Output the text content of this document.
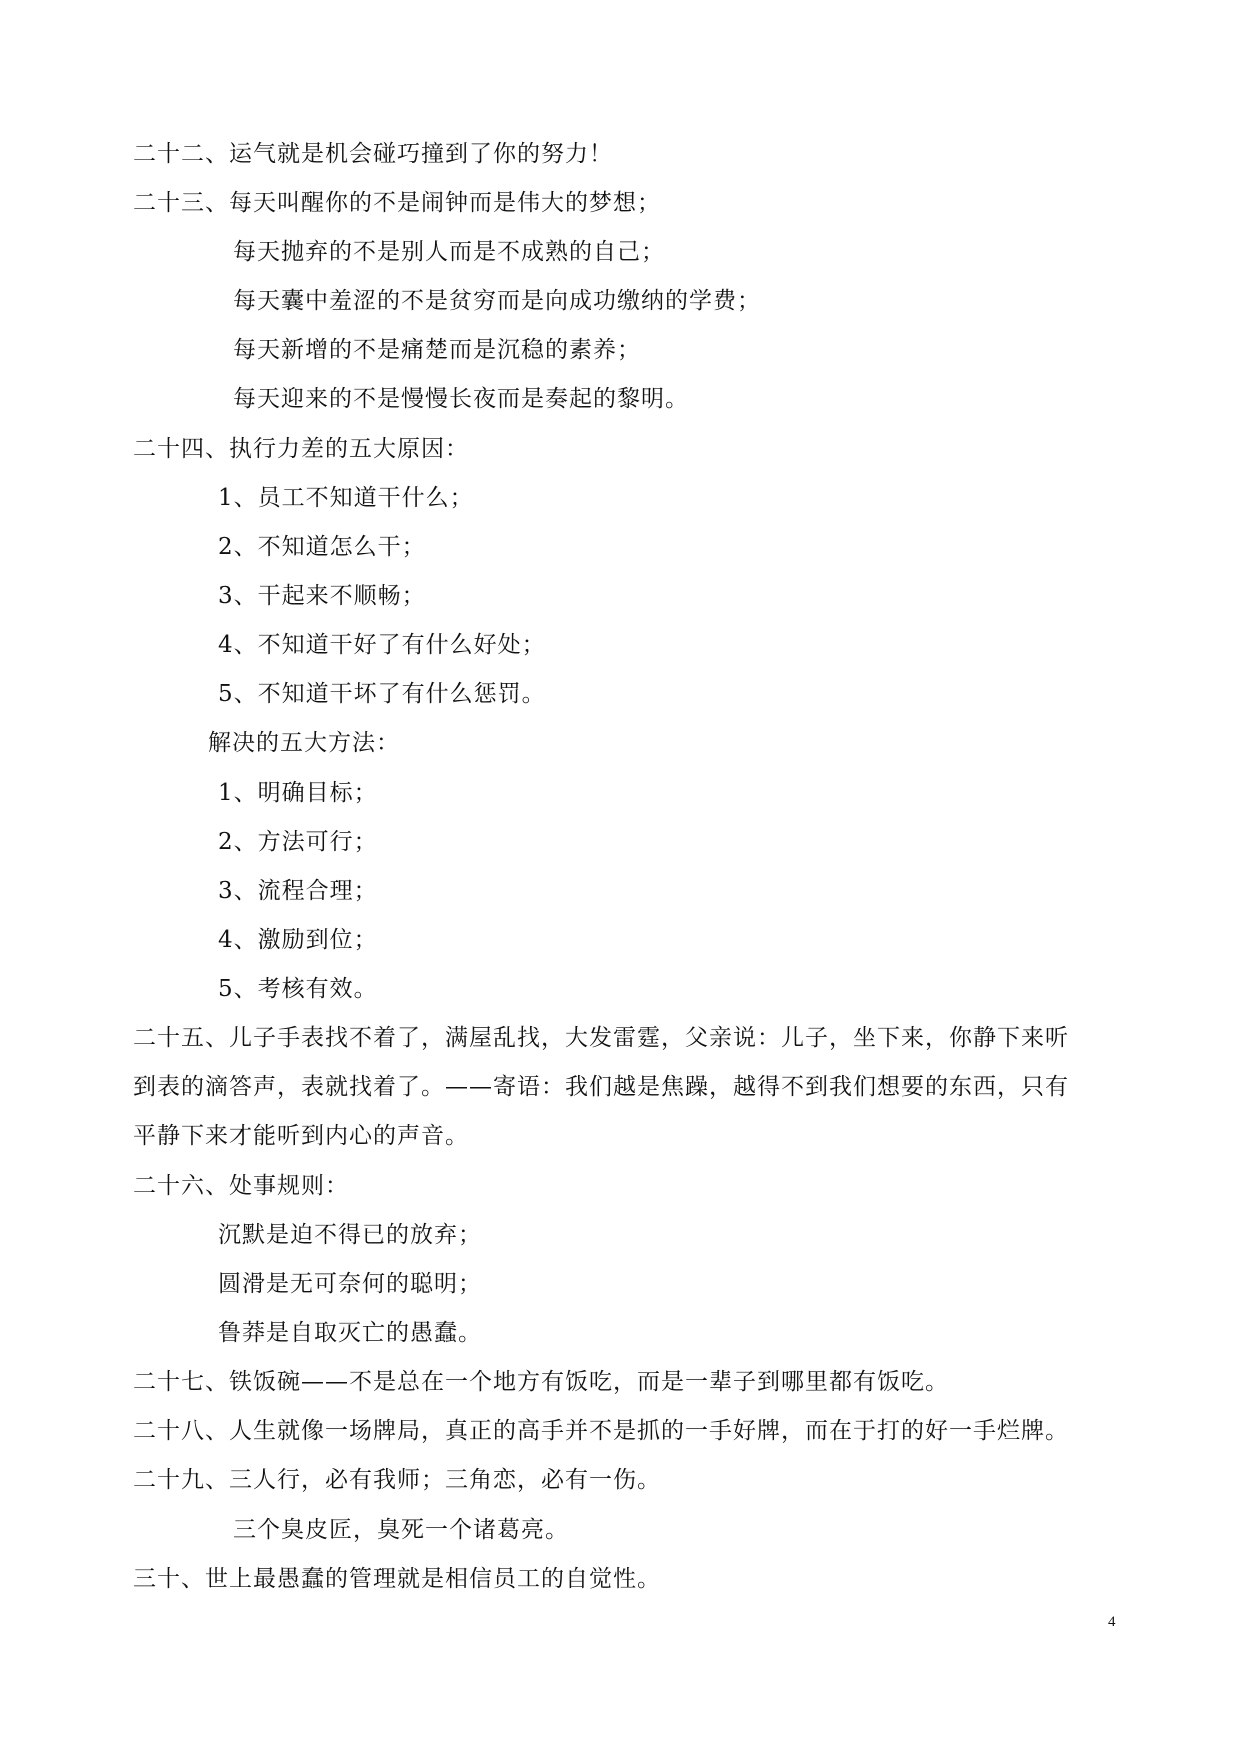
二十二、运气就是机会碰巧撞到了你的努力！
二十三、每天叫醒你的不是闹钟而是伟大的梦想；
每天抛弃的不是别人而是不成熟的自己；
每天囊中羞涩的不是贫穷而是向成功缴纳的学费；
每天新增的不是痛楚而是沉稳的素养；
每天迎来的不是慢慢长夜而是奏起的黎明。
二十四、执行力差的五大原因：
1、员工不知道干什么；
2、不知道怎么干；
3、干起来不顺畅；
4、不知道干好了有什么好处；
5、不知道干坏了有什么惩罚。
解决的五大方法：
1、明确目标；
2、方法可行；
3、流程合理；
4、激励到位；
5、考核有效。
二十五、儿子手表找不着了，满屋乱找，大发雷霆，父亲说：儿子，坐下来，你静下来听
到表的滴答声，表就找着了。——寄语：我们越是焦躁，越得不到我们想要的东西，只有
平静下来才能听到内心的声音。
二十六、处事规则：
沉默是迫不得已的放弃；
圆滑是无可奈何的聪明；
鲁莽是自取灭亡的愚蠢。
二十七、铁饭碗——不是总在一个地方有饭吃，而是一辈子到哪里都有饭吃。
二十八、人生就像一场牌局，真正的高手并不是抓的一手好牌，而在于打的好一手烂牌。
二十九、三人行，必有我师；三角恋，必有一伤。
三个臭皮匠，臭死一个诸葛亮。
三十、世上最愚蠢的管理就是相信员工的自觉性。
4
